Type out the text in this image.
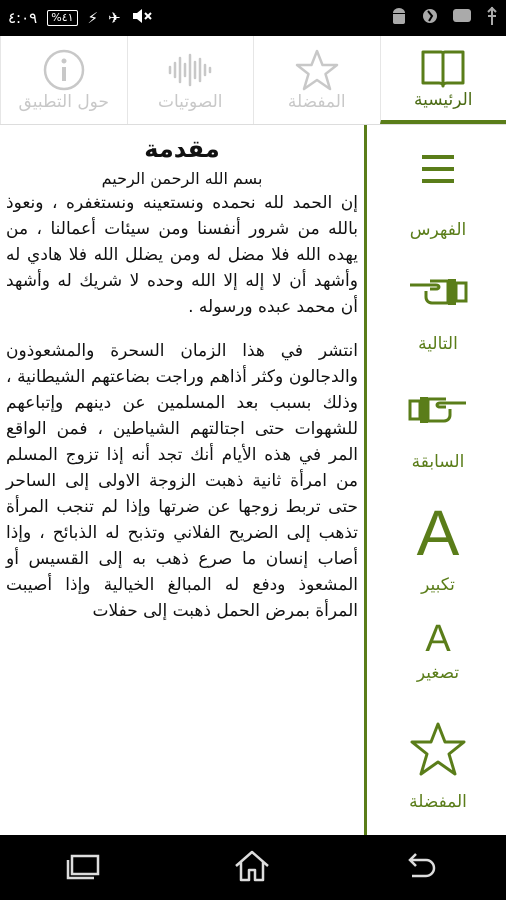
٤:٠٩	%٤١ ⚡ ✈
الرئيسية
المفضلة
الصوتيات
حول التطبيق
مقدمة
بسم الله الرحمن الرحيم

إن الحمد لله نحمده ونستعينه ونستغفره ، ونعوذ بالله من شرور أنفسنا ومن سيئات أعمالنا ، من يهده الله فلا مضل له ومن يضلل الله فلا هادي له وأشهد أن لا إله إلا الله وحده لا شريك له وأشهد أن محمد عبده ورسوله .

انتشر في هذا الزمان السحرة والمشعوذون والدجالون وكثر أذاهم وراجت بضاعتهم الشيطانية ، وذلك بسبب بعد المسلمين عن دينهم وإتباعهم للشهوات حتى اجتالتهم الشياطين ، فمن الواقع المر في هذه الأيام أنك تجد أنه إذا تزوج المسلم من امرأة ثانية ذهبت الزوجة الاولى إلى الساحر حتى تربط زوجها عن ضرتها وإذا لم تنجب المرأة تذهب إلى الضريح الفلاني وتذبح له الذبائح ، وإذا أصاب إنسان ما صرع ذهب به إلى القسيس أو المشعوذ ودفع له المبالغ الخيالية وإذا أصيبت المرأة بمرض الحمل ذهبت إلى حفلات

الفهرس
التالية
السابقة
A
تكبير
A
تصغير
المفضلة
